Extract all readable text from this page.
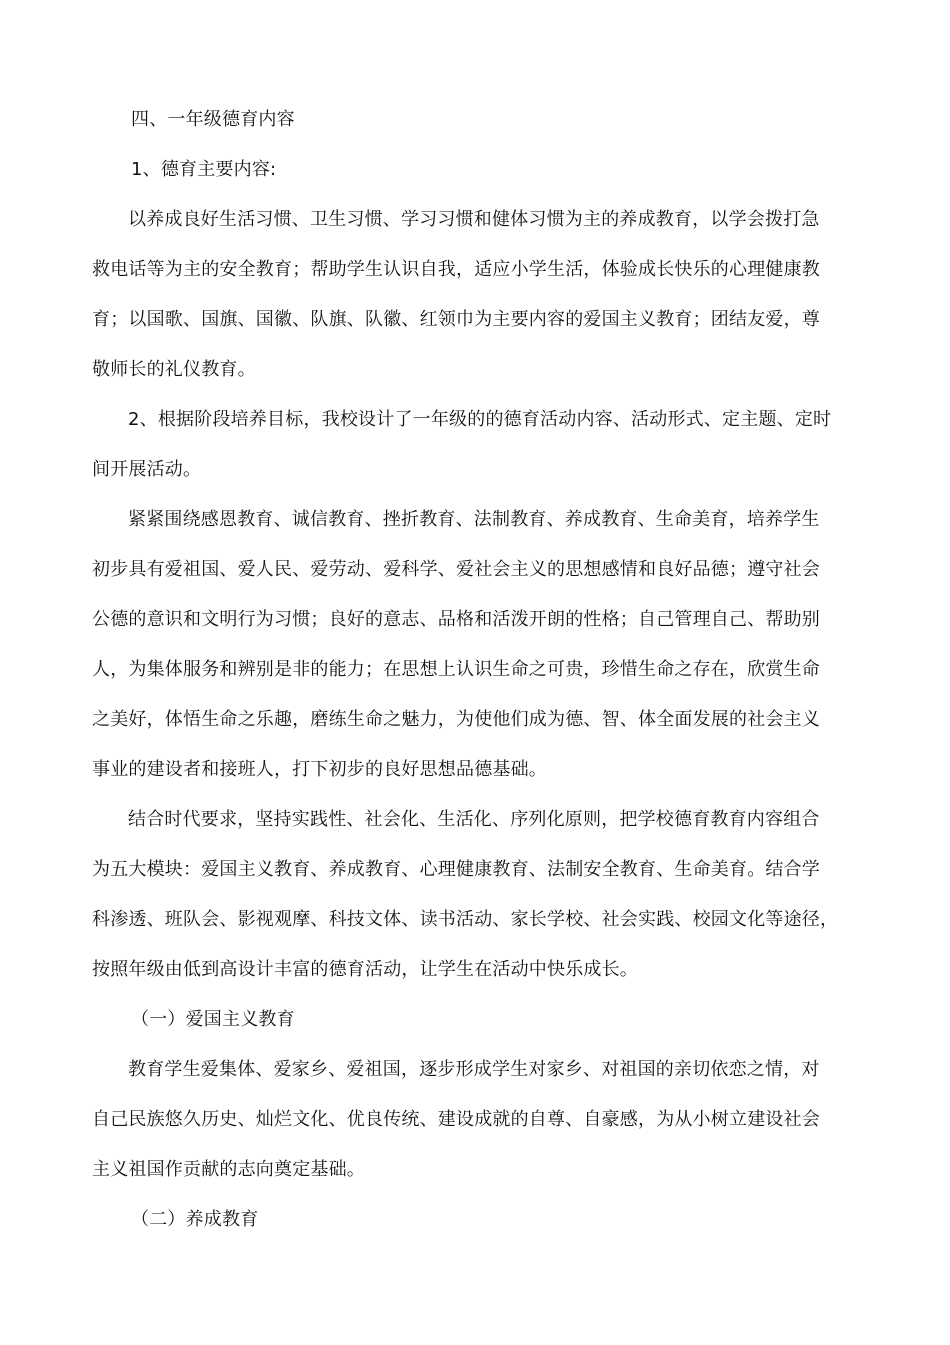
四、一年级德育内容
1、德育主要内容:
以养成良好生活习惯、卫生习惯、学习习惯和健体习惯为主的养成教育，以学会拨打急
救电话等为主的安全教育；帮助学生认识自我，适应小学生活，体验成长快乐的心理健康教
育；以国歌、国旗、国徽、队旗、队徽、红领巾为主要内容的爱国主义教育；团结友爱，尊
敬师长的礼仪教育。
2、根据阶段培养目标，我校设计了一年级的的德育活动内容、活动形式、定主题、定时
间开展活动。
紧紧围绕感恩教育、诚信教育、挫折教育、法制教育、养成教育、生命美育，培养学生
初步具有爱祖国、爱人民、爱劳动、爱科学、爱社会主义的思想感情和良好品德；遵守社会
公德的意识和文明行为习惯；良好的意志、品格和活泼开朗的性格；自己管理自己、帮助别
人，为集体服务和辨别是非的能力；在思想上认识生命之可贵，珍惜生命之存在，欣赏生命
之美好，体悟生命之乐趣，磨练生命之魅力，为使他们成为德、智、体全面发展的社会主义
事业的建设者和接班人，打下初步的良好思想品德基础。
结合时代要求，坚持实践性、社会化、生活化、序列化原则，把学校德育教育内容组合
为五大模块：爱国主义教育、养成教育、心理健康教育、法制安全教育、生命美育。结合学
科渗透、班队会、影视观摩、科技文体、读书活动、家长学校、社会实践、校园文化等途径，
按照年级由低到高设计丰富的德育活动，让学生在活动中快乐成长。
（一）爱国主义教育
教育学生爱集体、爱家乡、爱祖国，逐步形成学生对家乡、对祖国的亲切依恋之情，对
自己民族悠久历史、灿烂文化、优良传统、建设成就的自尊、自豪感，为从小树立建设社会
主义祖国作贡献的志向奠定基础。
（二）养成教育
